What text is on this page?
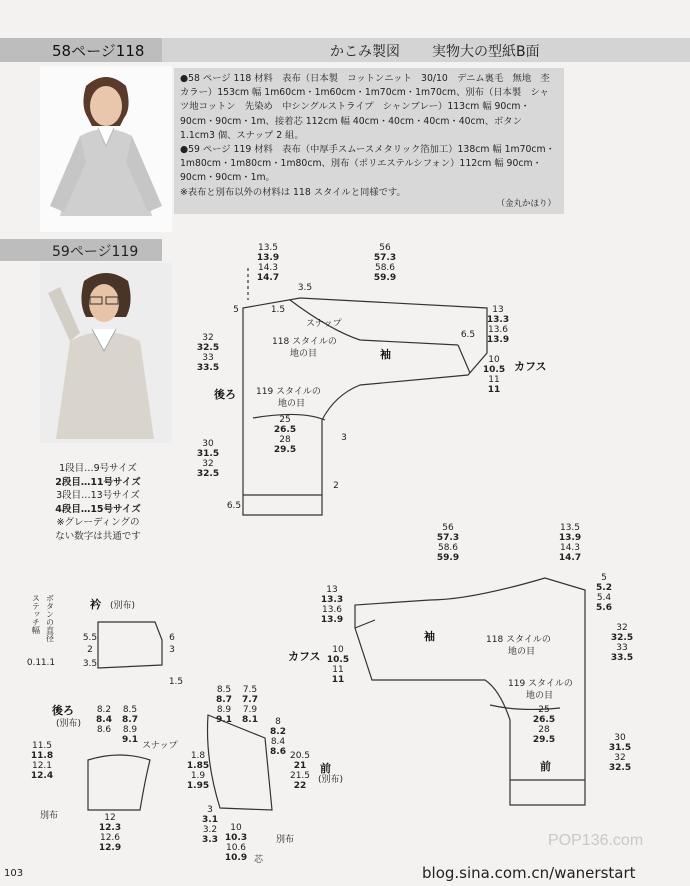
58ページ118	かこみ製図 実物大の型紙B面
59ページ119

●58 ページ 118 材料　表布（日本製　コットンニット　30/10　デニム裏毛　無地　杢カラー）153cm 幅 1m60cm・1m60cm・1m70cm・1m70cm、別布（日本製　シャツ地コットン　先染め　中シングルストライプ　シャンブレー）113cm 幅 90cm・90cm・90cm・1m、接着芯 112cm 幅 40cm・40cm・40cm・40cm、ボタン 1.1cm3 個、スナップ 2 組。

●59 ページ 119 材料　表布（中厚手スムースメタリック箔加工）138cm 幅 1m70cm・1m80cm・1m80cm・1m80cm、別布（ポリエステルシフォン）112cm 幅 90cm・90cm・90cm・1m。

※表布と別布以外の材料は 118 スタイルと同様です。

（金丸かほり）
1段目…9号サイズ
2段目…11号サイズ
3段目…13号サイズ
4段目…15号サイズ
※グレーディングの
ない数字は共通です
13.5
13.9
14.3
14.7
56
57.3
58.6
59.9
13
13.3
13.6
13.9
10
10.5
11
11
32
32.5
33
33.5
30
31.5
32
32.5
25
26.5
28
29.5
5	1.5
3.5
6.5
3
2
6.5
56
57.3
58.6
59.9
13.5
13.9
14.3
14.7
5
5.2
5.4
5.6
32
32.5
33
33.5
30
31.5
32
32.5
13
13.3
13.6
13.9
10
10.5
11
11
25
26.5
28
29.5
8.2
8.4
8.6
8.5
8.7
8.9
9.1
11.5
11.8
12.1
12.4
12
12.3
12.6
12.9
8.5
8.7
8.9
9.1
7.5
7.7
7.9
8.1 8
8.2
8.4
8.6
1.8
1.85
1.9
1.95
20.5
21
21.5
22
3
3.1
3.2
3.3
10
10.3
10.6
10.9
5.5
2
3.5
6
3
1.5
1.1
0.1
袖
後ろ
カフス
袖
前
カフス
衿
後ろ
前
(別布)
(別布)
(別布)
スナップ
スナップ
118 スタイルの
地の目
119 スタイルの
地の目
118 スタイルの
地の目
119 スタイルの
地の目
別布
別布
芯
ボタンの直径
ステッチ幅
POP136.com
103	blog.sina.com.cn/wanerstart
